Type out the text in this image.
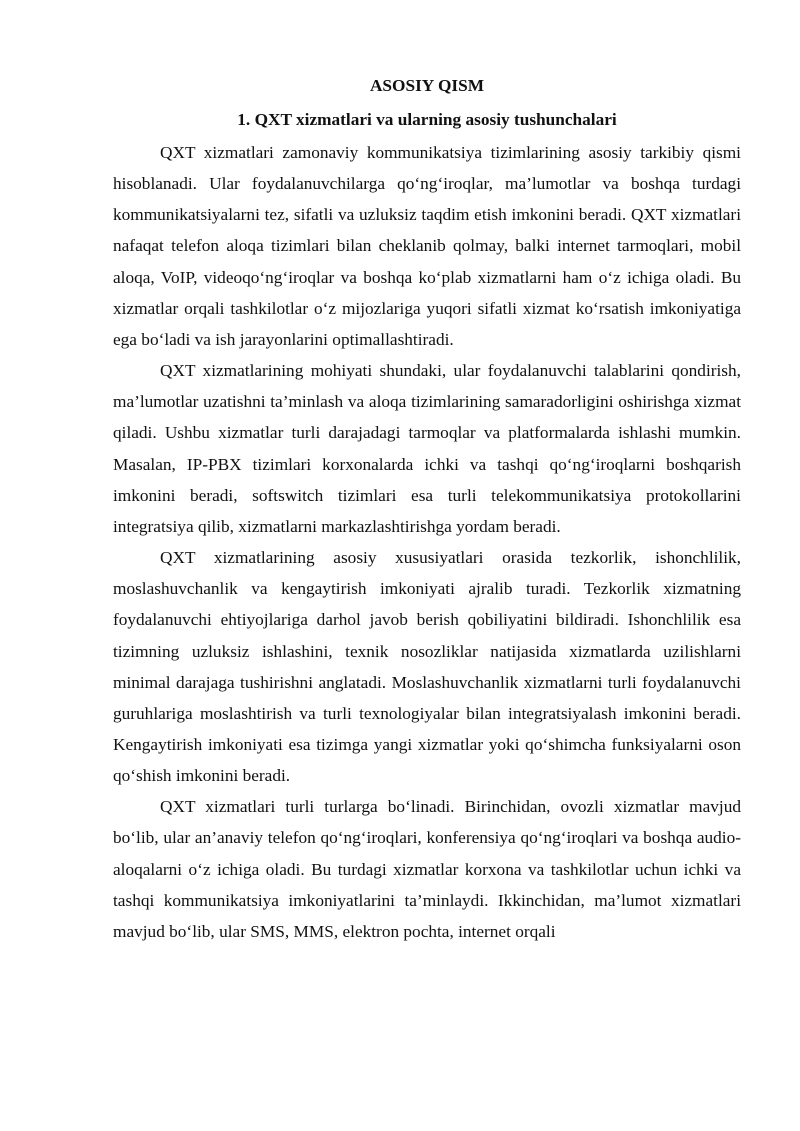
ASOSIY QISM
1. QXT xizmatlari va ularning asosiy tushunchalari

QXT xizmatlari zamonaviy kommunikatsiya tizimlarining asosiy tarkibiy qismi hisoblanadi. Ular foydalanuvchilarga qo‘ng‘iroqlar, ma’lumotlar va boshqa turdagi kommunikatsiyalarni tez, sifatli va uzluksiz taqdim etish imkonini beradi. QXT xizmatlari nafaqat telefon aloqa tizimlari bilan cheklanib qolmay, balki internet tarmoqlari, mobil aloqa, VoIP, videoqo‘ng‘iroqlar va boshqa ko‘plab xizmatlarni ham o‘z ichiga oladi. Bu xizmatlar orqali tashkilotlar o‘z mijozlariga yuqori sifatli xizmat ko‘rsatish imkoniyatiga ega bo‘ladi va ish jarayonlarini optimallashtiradi.

QXT xizmatlarining mohiyati shundaki, ular foydalanuvchi talablarini qondirish, ma’lumotlar uzatishni ta’minlash va aloqa tizimlarining samaradorligini oshirishga xizmat qiladi. Ushbu xizmatlar turli darajadagi tarmoqlar va platformalarda ishlashi mumkin. Masalan, IP-PBX tizimlari korxonalarda ichki va tashqi qo‘ng‘iroqlarni boshqarish imkonini beradi, softswitch tizimlari esa turli telekommunikatsiya protokollarini integratsiya qilib, xizmatlarni markazlashtirishga yordam beradi.

QXT xizmatlarining asosiy xususiyatlari orasida tezkorlik, ishonchlilik, moslashuvchanlik va kengaytirish imkoniyati ajralib turadi. Tezkorlik xizmatning foydalanuvchi ehtiyojlariga darhol javob berish qobiliyatini bildiradi. Ishonchlilik esa tizimning uzluksiz ishlashini, texnik nosozliklar natijasida xizmatlarda uzilishlarni minimal darajaga tushirishni anglatadi. Moslashuvchanlik xizmatlarni turli foydalanuvchi guruhlariga moslashtirish va turli texnologiyalar bilan integratsiyalash imkonini beradi. Kengaytirish imkoniyati esa tizimga yangi xizmatlar yoki qo‘shimcha funksiyalarni oson qo‘shish imkonini beradi.

QXT xizmatlari turli turlarga bo‘linadi. Birinchidan, ovozli xizmatlar mavjud bo‘lib, ular an’anaviy telefon qo‘ng‘iroqlari, konferensiya qo‘ng‘iroqlari va boshqa audio-aloqalarni o‘z ichiga oladi. Bu turdagi xizmatlar korxona va tashkilotlar uchun ichki va tashqi kommunikatsiya imkoniyatlarini ta’minlaydi. Ikkinchidan, ma’lumot xizmatlari mavjud bo‘lib, ular SMS, MMS, elektron pochta, internet orqali
